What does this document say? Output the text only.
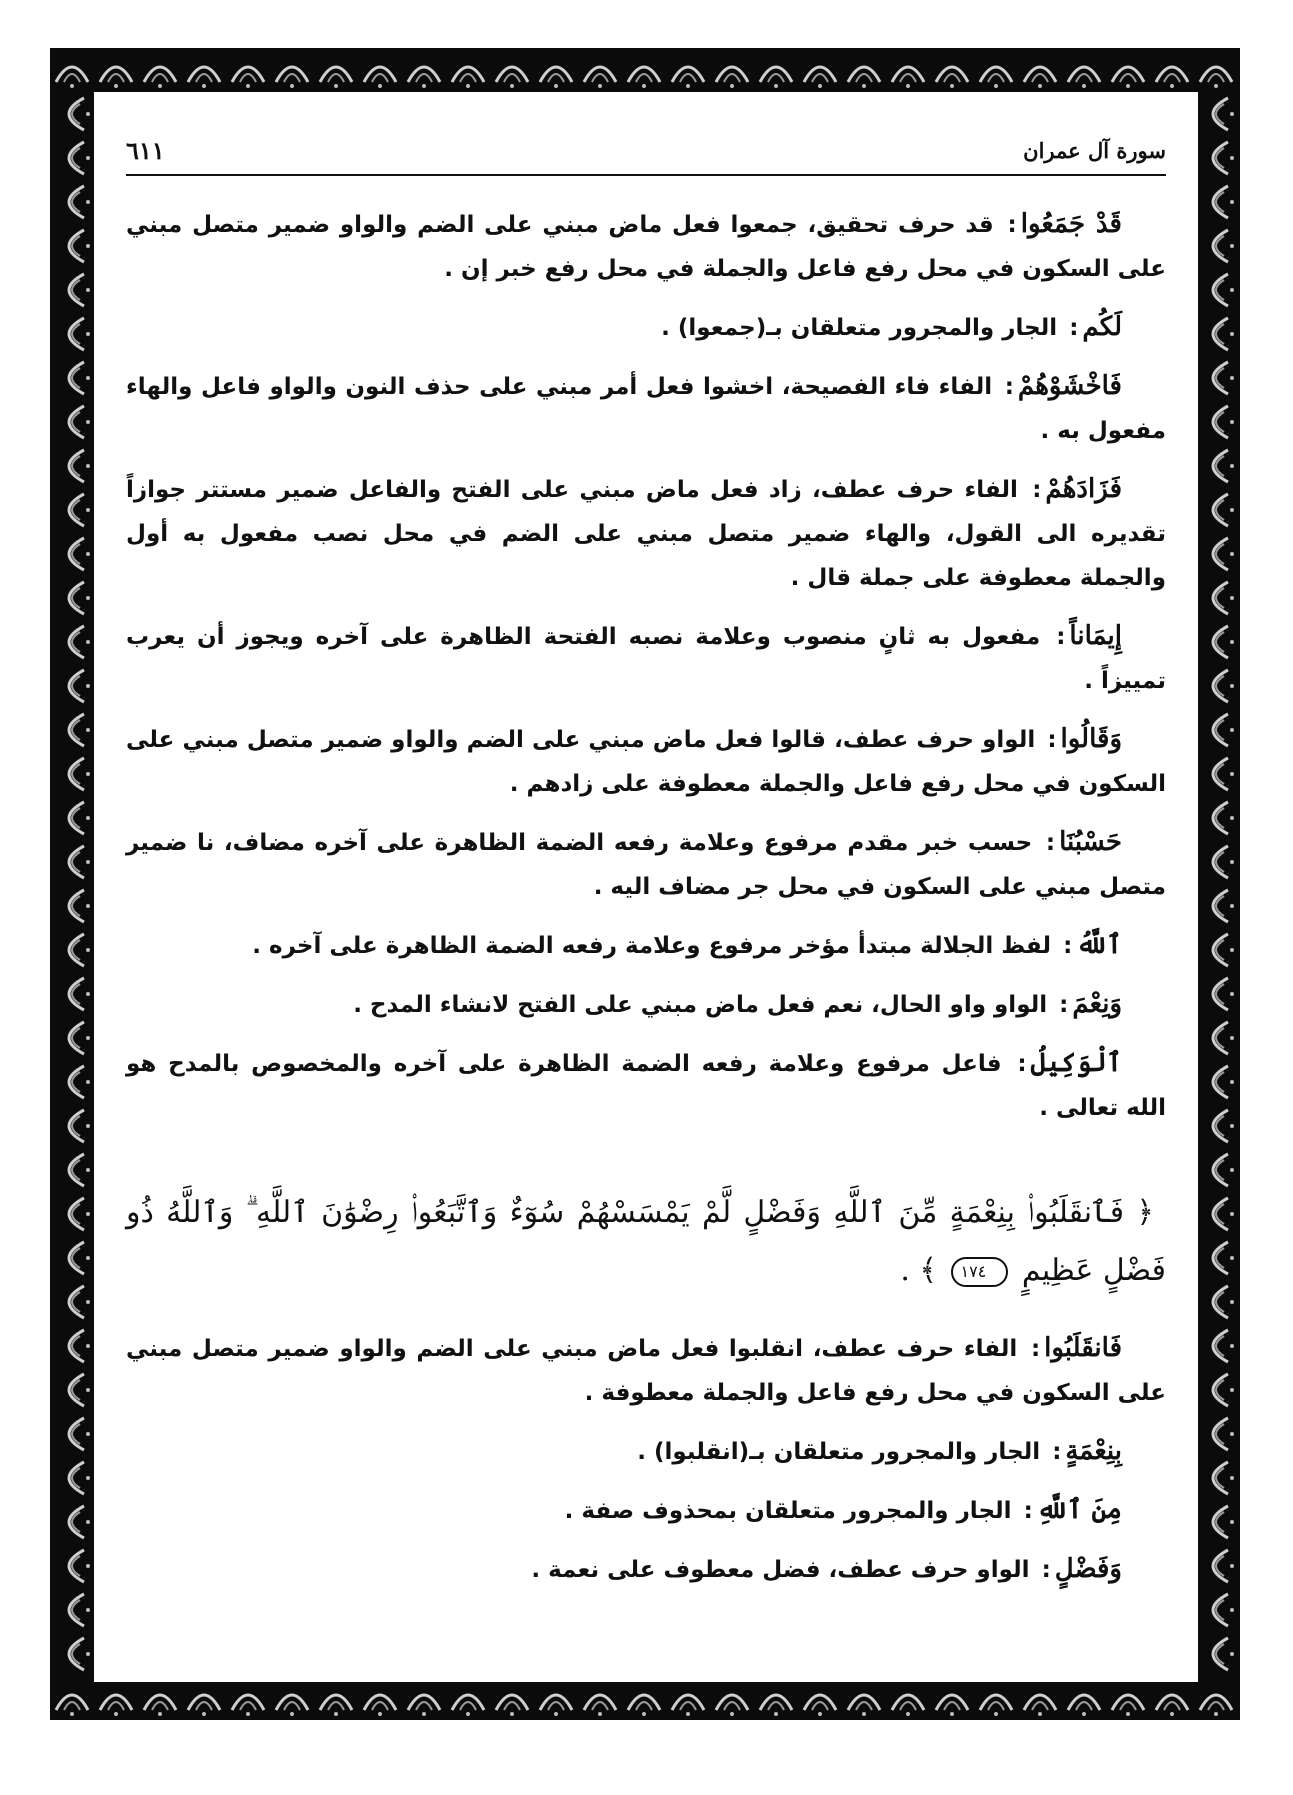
سورة آل عمران
٦١١

قَدْ جَمَعُوا: قد حرف تحقيق، جمعوا فعل ماض مبني على الضم والواو ضمير متصل مبني على السكون في محل رفع فاعل والجملة في محل رفع خبر إن .

لَكُم: الجار والمجرور متعلقان بـ(جمعوا) .

فَاخْشَوْهُمْ: الفاء فاء الفصيحة، اخشوا فعل أمر مبني على حذف النون والواو فاعل والهاء مفعول به .

فَزَادَهُمْ: الفاء حرف عطف، زاد فعل ماض مبني على الفتح والفاعل ضمير مستتر جوازاً تقديره الى القول، والهاء ضمير متصل مبني على الضم في محل نصب مفعول به أول والجملة معطوفة على جملة قال .

إِيمَاناً: مفعول به ثانٍ منصوب وعلامة نصبه الفتحة الظاهرة على آخره ويجوز أن يعرب تمييزاً .

وَقَالُوا: الواو حرف عطف، قالوا فعل ماض مبني على الضم والواو ضمير متصل مبني على السكون في محل رفع فاعل والجملة معطوفة على زادهم .

حَسْبُنَا: حسب خبر مقدم مرفوع وعلامة رفعه الضمة الظاهرة على آخره مضاف، نا ضمير متصل مبني على السكون في محل جر مضاف اليه .

ٱللَّهُ: لفظ الجلالة مبتدأ مؤخر مرفوع وعلامة رفعه الضمة الظاهرة على آخره .

وَنِعْمَ: الواو واو الحال، نعم فعل ماض مبني على الفتح لانشاء المدح .

ٱلْوَكِيلُ: فاعل مرفوع وعلامة رفعه الضمة الظاهرة على آخره والمخصوص بالمدح هو الله تعالى .

﴿ فَٱنقَلَبُوا۟ بِنِعْمَةٍ مِّنَ ٱللَّهِ وَفَضْلٍ لَّمْ يَمْسَسْهُمْ سُوٓءٌ وَٱتَّبَعُوا۟ رِضْوَٰنَ ٱللَّهِ ۗ وَٱللَّهُ ذُو فَضْلٍ عَظِيمٍ ١٧٤ ﴾ .

فَانقَلَبُوا: الفاء حرف عطف، انقلبوا فعل ماض مبني على الضم والواو ضمير متصل مبني على السكون في محل رفع فاعل والجملة معطوفة .

بِنِعْمَةٍ: الجار والمجرور متعلقان بـ(انقلبوا) .

مِنَ ٱللَّهِ: الجار والمجرور متعلقان بمحذوف صفة .

وَفَضْلٍ: الواو حرف عطف، فضل معطوف على نعمة .
